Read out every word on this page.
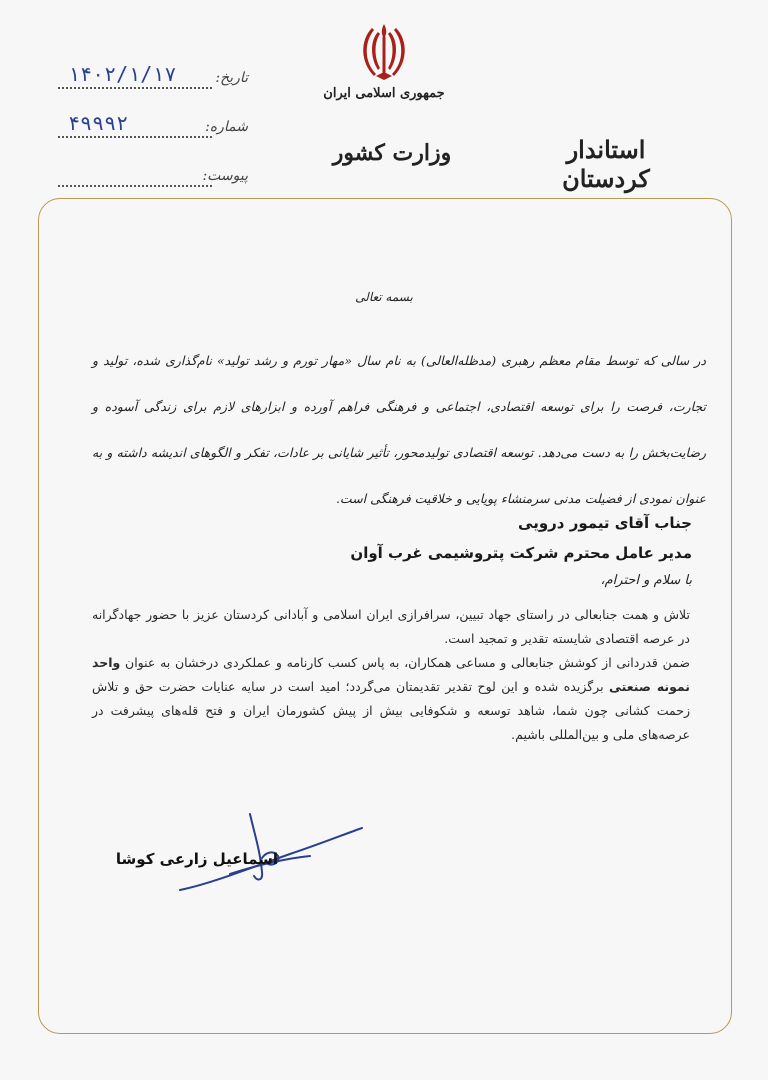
جمهوری اسلامی ایران
وزارت کشور	استاندار کردستان
تاریخ:
۱۴۰۲/۱/۱۷
شماره:
۴۹۹۹۲
پیوست:
بسمه تعالی
در سالی که توسط مقام معظم رهبری (مدظله‌العالی) به نام سال «مهار تورم و رشد تولید» نام‌گذاری شده، تولید و تجارت، فرصت را برای توسعه اقتصادی، اجتماعی و فرهنگی فراهم آورده و ابزارهای لازم برای زندگی آسوده و رضایت‌بخش را به دست می‌دهد. توسعه اقتصادی تولیدمحور، تأثیر شایانی بر عادات، تفکر و الگوهای اندیشه داشته و به عنوان نمودی از فضیلت مدنی سرمنشاء پویایی و خلاقیت فرهنگی است.
جناب آقای تیمور درویی
مدیر عامل محترم شرکت پتروشیمی غرب آوان
با سلام و احترام،

تلاش و همت جنابعالی در راستای جهاد تبیین، سرافرازی ایران اسلامی و آبادانی کردستان عزیز با حضور جهادگرانه در عرصه اقتصادی شایسته تقدیر و تمجید است.

ضمن قدردانی از کوشش جنابعالی و مساعی همکاران، به پاس کسب کارنامه و عملکردی درخشان به عنوان واحد نمونه صنعتی برگزیده شده و این لوح تقدیر تقدیمتان می‌گردد؛ امید است در سایه عنایات حضرت حق و تلاش زحمت کشانی چون شما، شاهد توسعه و شکوفایی بیش از پیش کشورمان ایران و فتح قله‌های پیشرفت در عرصه‌های ملی و بین‌المللی باشیم.

اسماعیل زارعی کوشا
